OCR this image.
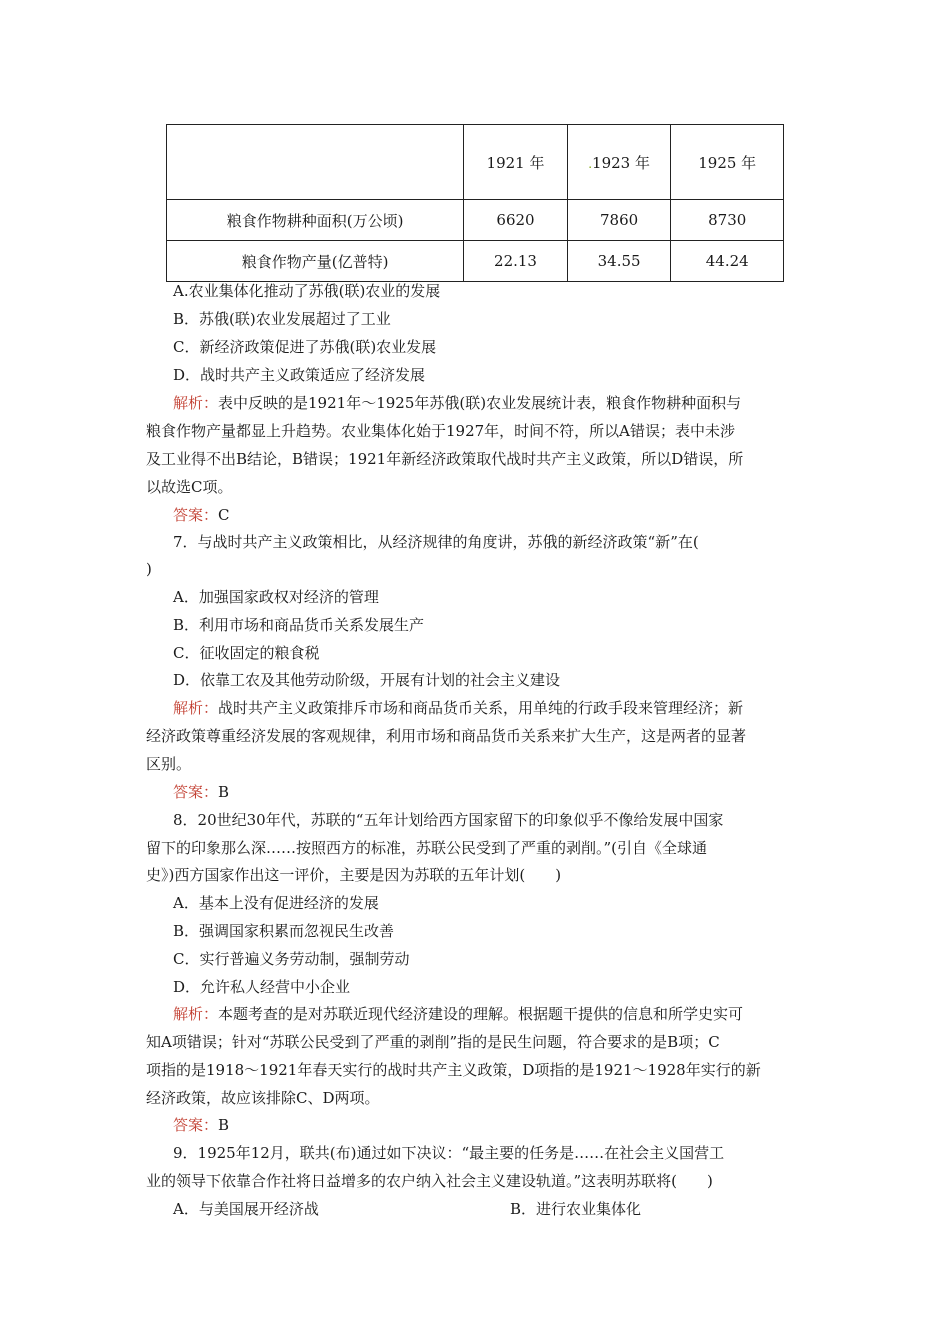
	1921 年	.1923 年	1925 年
粮食作物耕种面积(万公顷)	6620	7860	8730
粮食作物产量(亿普特)	22.13	34.55	44.24
A.农业集体化推动了苏俄(联)农业的发展
B．苏俄(联)农业发展超过了工业
C．新经济政策促进了苏俄(联)农业发展
D．战时共产主义政策适应了经济发展
解析：表中反映的是1921年～1925年苏俄(联)农业发展统计表，粮食作物耕种面积与
粮食作物产量都显上升趋势。农业集体化始于1927年，时间不符，所以A错误；表中未涉
及工业得不出B结论，B错误；1921年新经济政策取代战时共产主义政策，所以D错误，所
以故选C项。
答案：C
7．与战时共产主义政策相比，从经济规律的角度讲，苏俄的新经济政策“新”在(
)
A．加强国家政权对经济的管理
B．利用市场和商品货币关系发展生产
C．征收固定的粮食税
D．依靠工农及其他劳动阶级，开展有计划的社会主义建设
解析：战时共产主义政策排斥市场和商品货币关系，用单纯的行政手段来管理经济；新
经济政策尊重经济发展的客观规律，利用市场和商品货币关系来扩大生产，这是两者的显著
区别。
答案：B
8．20世纪30年代，苏联的“五年计划给西方国家留下的印象似乎不像给发展中国家
留下的印象那么深……按照西方的标准，苏联公民受到了严重的剥削。”(引自《全球通
史》)西方国家作出这一评价，主要是因为苏联的五年计划(　　)
A．基本上没有促进经济的发展
B．强调国家积累而忽视民生改善
C．实行普遍义务劳动制，强制劳动
D．允许私人经营中小企业
解析：本题考查的是对苏联近现代经济建设的理解。根据题干提供的信息和所学史实可
知A项错误；针对“苏联公民受到了严重的剥削”指的是民生问题，符合要求的是B项；C
项指的是1918～1921年春天实行的战时共产主义政策，D项指的是1921～1928年实行的新
经济政策，故应该排除C、D两项。
答案：B
9．1925年12月，联共(布)通过如下决议：“最主要的任务是……在社会主义国营工
业的领导下依靠合作社将日益增多的农户纳入社会主义建设轨道。”这表明苏联将(　　)
A．与美国展开经济战	B．进行农业集体化
